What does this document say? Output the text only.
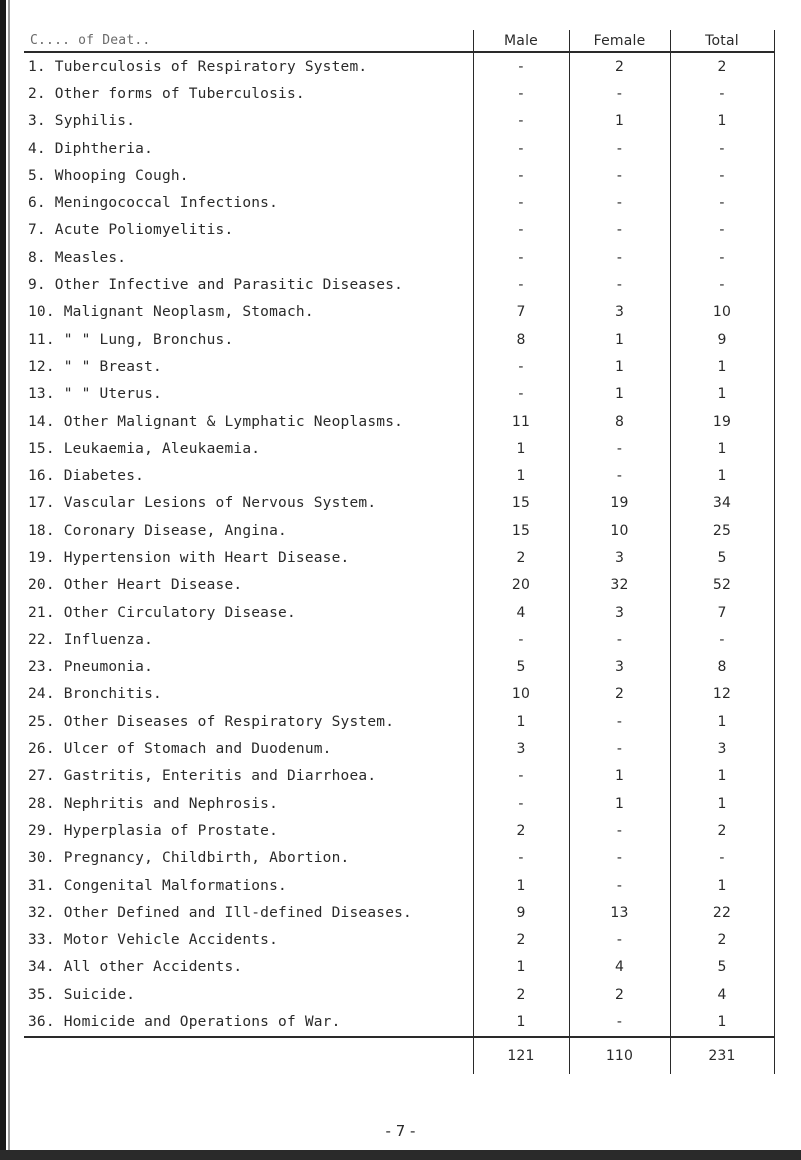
C.... of Deat..	Male	Female	Total
1. Tuberculosis of Respiratory System.	-	2	2
2. Other forms of Tuberculosis.	-	-	-
3. Syphilis.	-	1	1
4. Diphtheria.	-	-	-
5. Whooping Cough.	-	-	-
6. Meningococcal Infections.	-	-	-
7. Acute Poliomyelitis.	-	-	-
8. Measles.	-	-	-
9. Other Infective and Parasitic Diseases.	-	-	-
10. Malignant Neoplasm, Stomach.	7	3	10
11. " " Lung, Bronchus.	8	1	9
12. " " Breast.	-	1	1
13. " " Uterus.	-	1	1
14. Other Malignant & Lymphatic Neoplasms.	11	8	19
15. Leukaemia, Aleukaemia.	1	-	1
16. Diabetes.	1	-	1
17. Vascular Lesions of Nervous System.	15	19	34
18. Coronary Disease, Angina.	15	10	25
19. Hypertension with Heart Disease.	2	3	5
20. Other Heart Disease.	20	32	52
21. Other Circulatory Disease.	4	3	7
22. Influenza.	-	-	-
23. Pneumonia.	5	3	8
24. Bronchitis.	10	2	12
25. Other Diseases of Respiratory System.	1	-	1
26. Ulcer of Stomach and Duodenum.	3	-	3
27. Gastritis, Enteritis and Diarrhoea.	-	1	1
28. Nephritis and Nephrosis.	-	1	1
29. Hyperplasia of Prostate.	2	-	2
30. Pregnancy, Childbirth, Abortion.	-	-	-
31. Congenital Malformations.	1	-	1
32. Other Defined and Ill-defined Diseases.	9	13	22
33. Motor Vehicle Accidents.	2	-	2
34. All other Accidents.	1	4	5
35. Suicide.	2	2	4
36. Homicide and Operations of War.	1	-	1
	121	110	231
- 7 -
